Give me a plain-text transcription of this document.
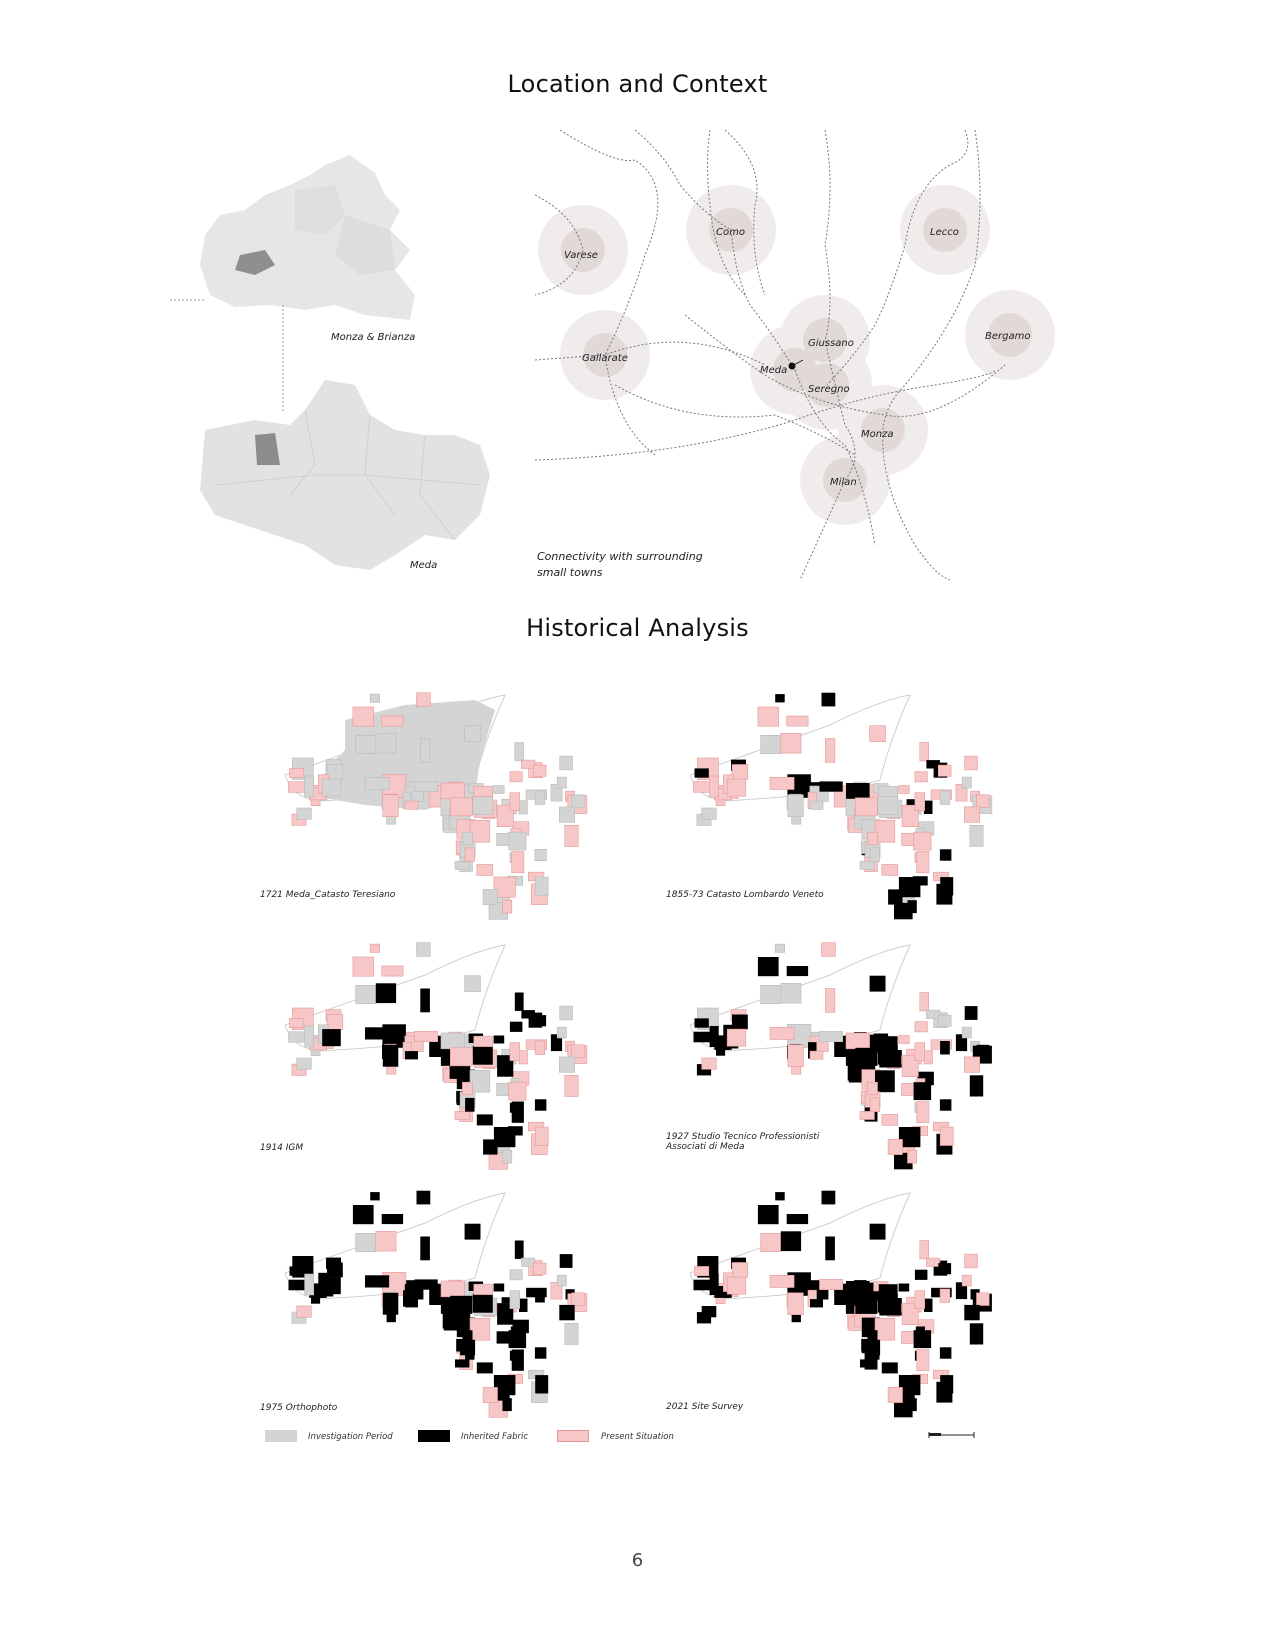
Location and Context
Monza & Brianza
Meda
Varese
Como	Lecco
Bergamo
Gallarate
Giussano
Meda
Seregno
Monza
Milan
Connectivity with surrounding
small towns
Historical Analysis
1721 Meda_Catasto Teresiano	1855-73 Catasto Lombardo Veneto
1914 IGM
1927 Studio Tecnico Professionisti
Associati di Meda
1975 Orthophoto	2021 Site Survey
Investigation Period	Inherited Fabric	Present Situation
6
